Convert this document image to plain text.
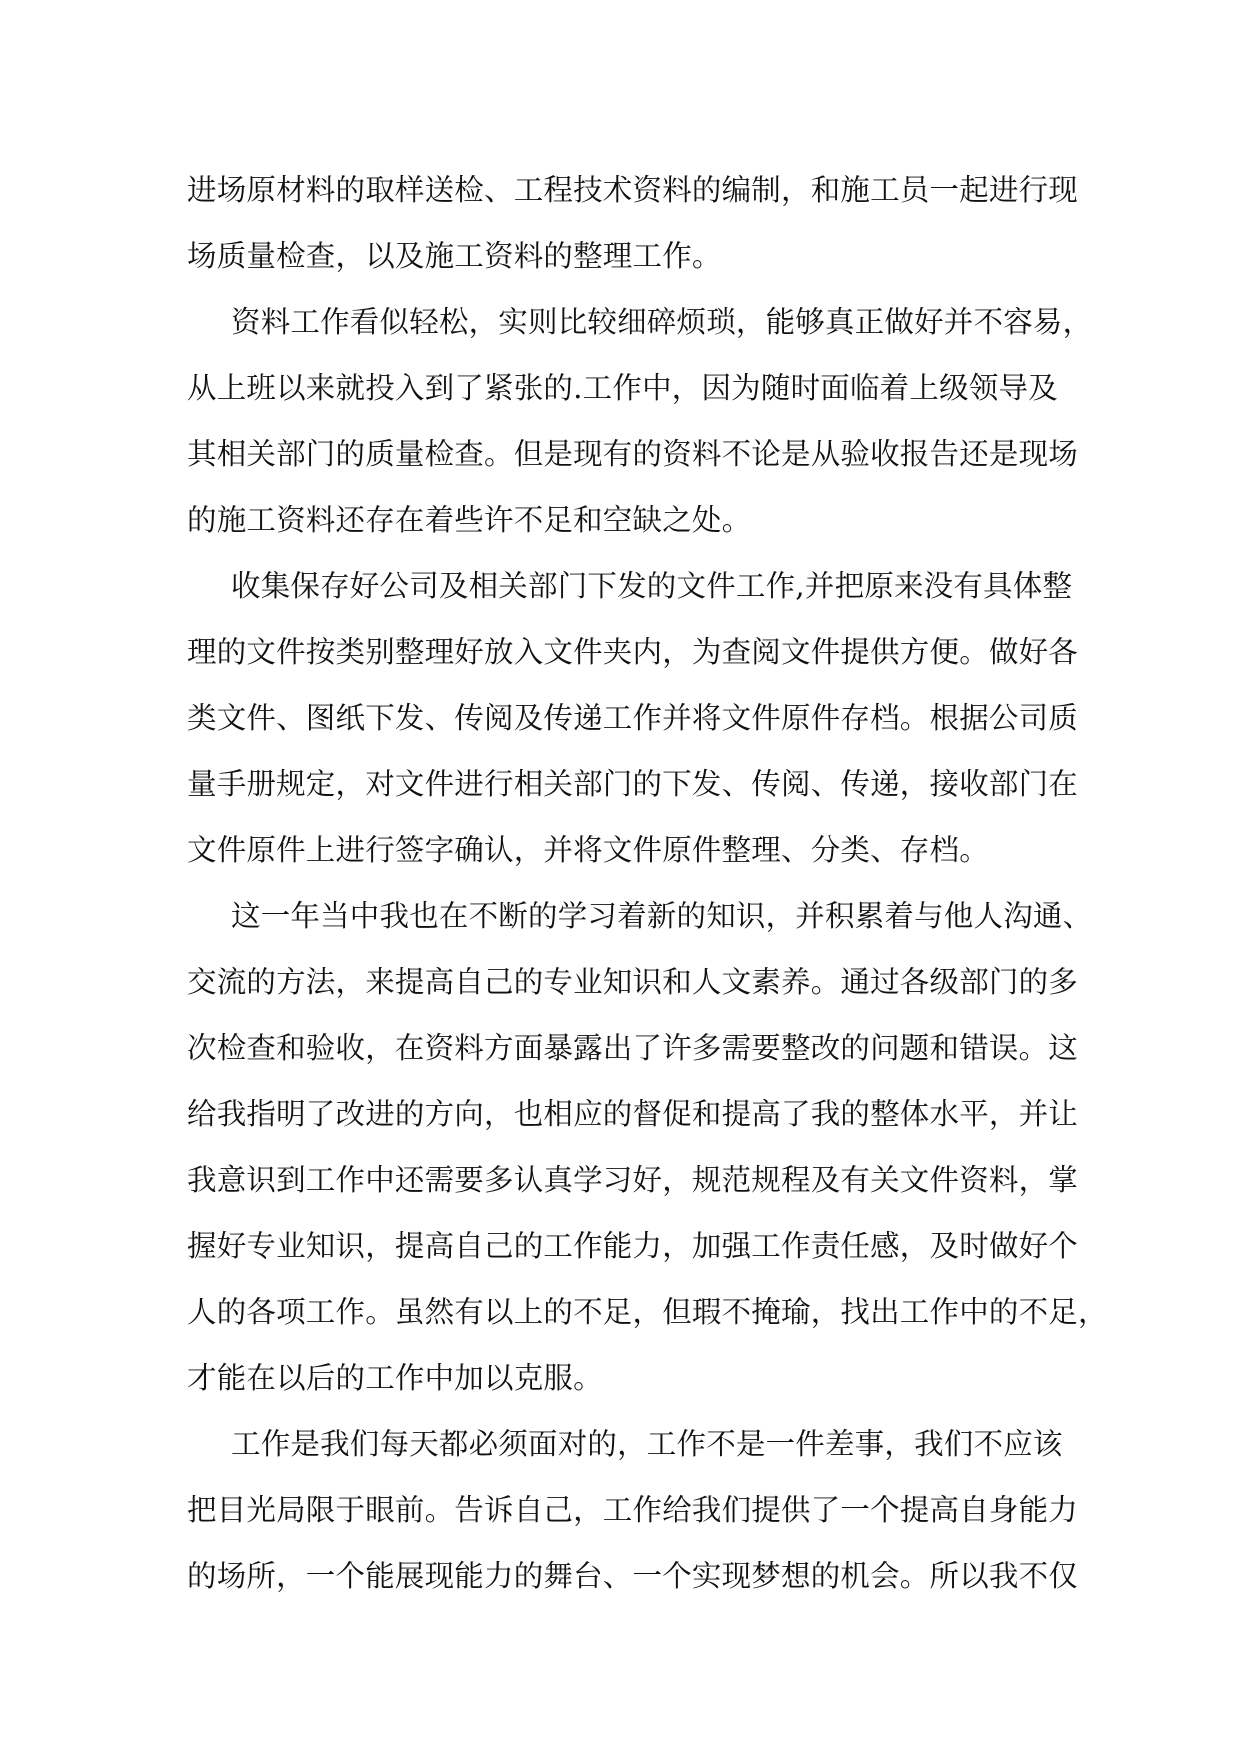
进场原材料的取样送检、工程技术资料的编制，和施工员一起进行现
场质量检查，以及施工资料的整理工作。
资料工作看似轻松，实则比较细碎烦琐，能够真正做好并不容易，
从上班以来就投入到了紧张的.工作中，因为随时面临着上级领导及
其相关部门的质量检查。但是现有的资料不论是从验收报告还是现场
的施工资料还存在着些许不足和空缺之处。
收集保存好公司及相关部门下发的文件工作,并把原来没有具体整
理的文件按类别整理好放入文件夹内，为查阅文件提供方便。做好各
类文件、图纸下发、传阅及传递工作并将文件原件存档。根据公司质
量手册规定，对文件进行相关部门的下发、传阅、传递，接收部门在
文件原件上进行签字确认，并将文件原件整理、分类、存档。
这一年当中我也在不断的学习着新的知识，并积累着与他人沟通、
交流的方法，来提高自己的专业知识和人文素养。通过各级部门的多
次检查和验收，在资料方面暴露出了许多需要整改的问题和错误。这
给我指明了改进的方向，也相应的督促和提高了我的整体水平，并让
我意识到工作中还需要多认真学习好，规范规程及有关文件资料，掌
握好专业知识，提高自己的工作能力，加强工作责任感，及时做好个
人的各项工作。虽然有以上的不足，但瑕不掩瑜，找出工作中的不足，
才能在以后的工作中加以克服。
工作是我们每天都必须面对的，工作不是一件差事，我们不应该
把目光局限于眼前。告诉自己，工作给我们提供了一个提高自身能力
的场所，一个能展现能力的舞台、一个实现梦想的机会。所以我不仅
